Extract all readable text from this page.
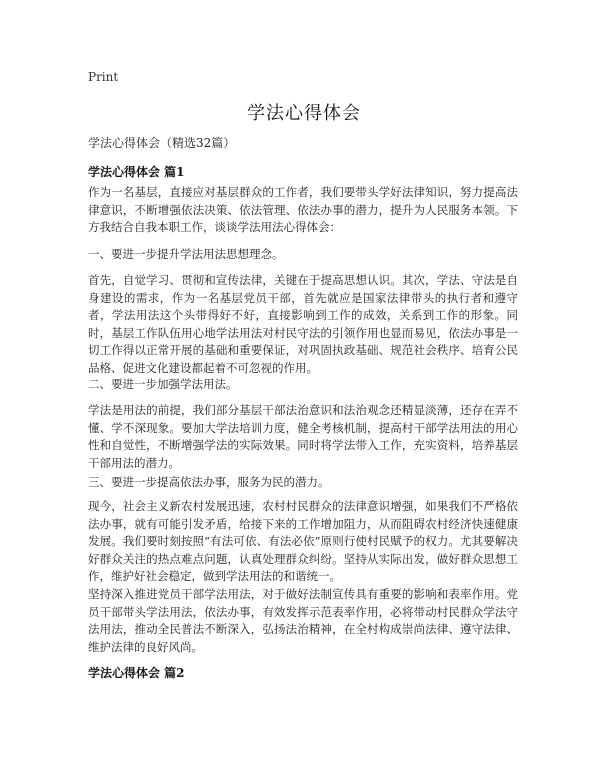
Print
学法心得体会
学法心得体会（精选32篇）
学法心得体会 篇1
作为一名基层，直接应对基层群众的工作者，我们要带头学好法律知识，努力提高法律意识，不断增强依法决策、依法管理、依法办事的潜力，提升为人民服务本领。下方我结合自我本职工作，谈谈学法用法心得体会：
一、要进一步提升学法用法思想理念。
首先，自觉学习、贯彻和宣传法律，关键在于提高思想认识。其次，学法、守法是自身建设的需求，作为一名基层党员干部，首先就应是国家法律带头的执行者和遵守者，学法用法这个头带得好不好，直接影响到工作的成效，关系到工作的形象。同时，基层工作队伍用心地学法用法对村民守法的引领作用也显而易见，依法办事是一切工作得以正常开展的基础和重要保证，对巩固执政基础、规范社会秩序、培育公民品格、促进文化建设都起着不可忽视的作用。
二、要进一步加强学法用法。
学法是用法的前提，我们部分基层干部法治意识和法治观念还精显淡薄，还存在弄不懂、学不深现象。要加大学法培训力度，健全考核机制，提高村干部学法用法的用心性和自觉性，不断增强学法的实际效果。同时将学法带入工作，充实资料，培养基层干部用法的潜力。
三、要进一步提高依法办事，服务为民的潜力。
现今，社会主义新农村发展迅速，农村村民群众的法律意识增强，如果我们不严格依法办事，就有可能引发矛盾，给接下来的工作增加阻力，从而阻碍农村经济快速健康发展。我们要时刻按照“有法可依、有法必依”原则行使村民赋予的权力。尤其要解决好群众关注的热点难点问题，认真处理群众纠纷。坚持从实际出发，做好群众思想工作，维护好社会稳定，做到学法用法的和谐统一。
坚持深入推进党员干部学法用法，对于做好法制宣传具有重要的影响和表率作用。党员干部带头学法用法，依法办事，有效发挥示范表率作用，必将带动村民群众学法守法用法，推动全民普法不断深入，弘扬法治精神，在全村构成崇尚法律、遵守法律、维护法律的良好风尚。
学法心得体会 篇2
